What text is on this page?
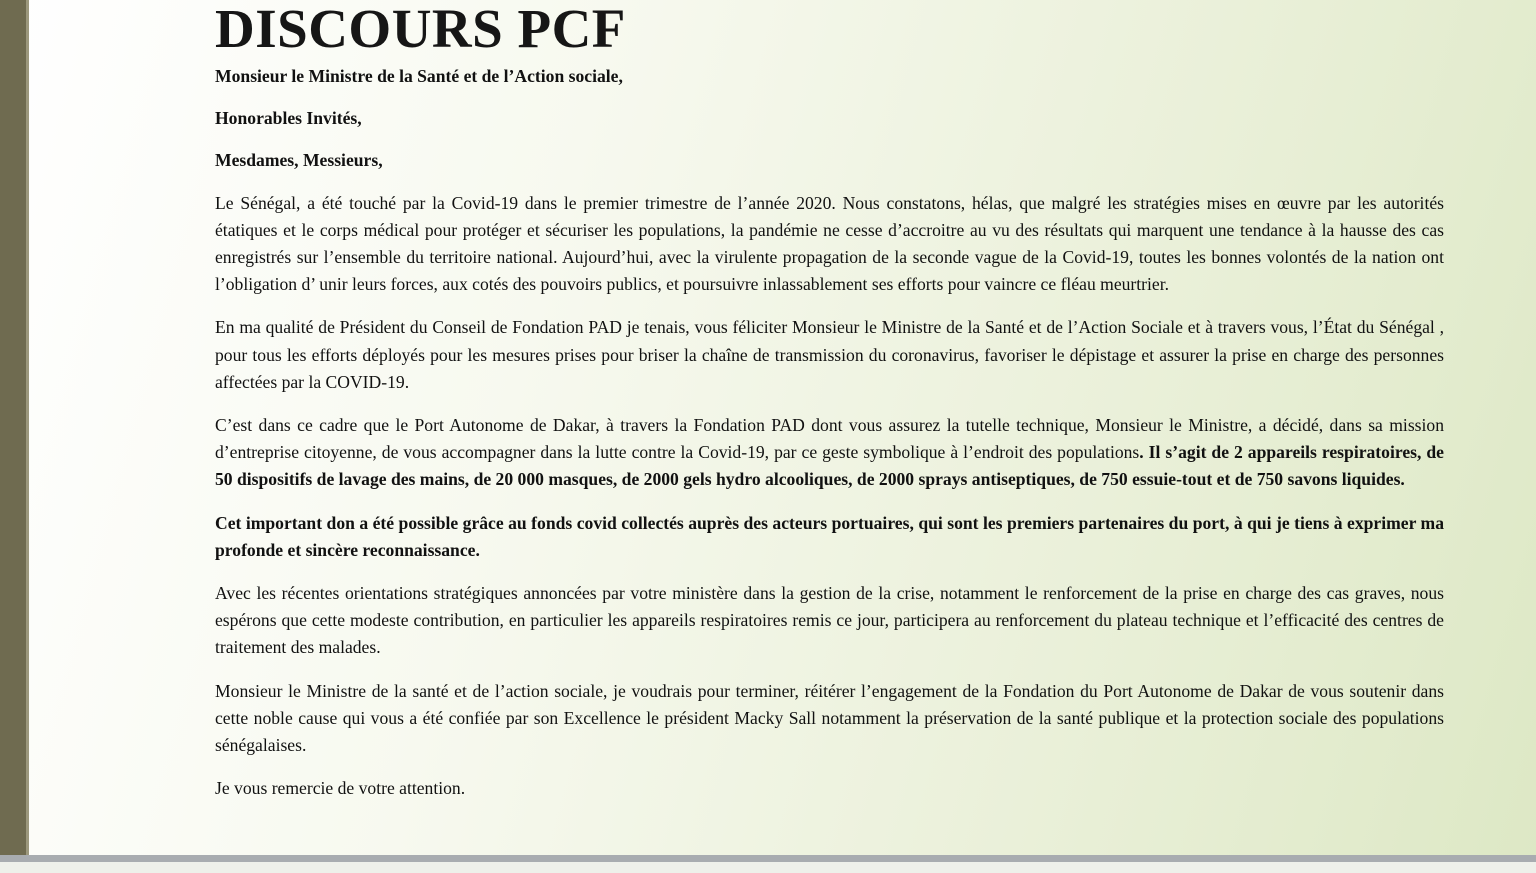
DISCOURS PCF

Monsieur le Ministre de la Santé et de l’Action sociale,

Honorables Invités,

Mesdames, Messieurs,

Le Sénégal, a été touché par la Covid-19 dans le premier trimestre de l’année 2020. Nous constatons, hélas, que malgré les stratégies mises en œuvre par les autorités étatiques et le corps médical pour protéger et sécuriser les populations, la pandémie ne cesse d’accroitre au vu des résultats qui marquent une tendance à la hausse des cas enregistrés sur l’ensemble du territoire national. Aujourd’hui, avec la virulente propagation de la seconde vague de la Covid-19, toutes les bonnes volontés de la nation ont l’obligation d’ unir leurs forces, aux cotés des pouvoirs publics, et poursuivre inlassablement ses efforts pour vaincre ce fléau meurtrier.

En ma qualité de Président du Conseil de Fondation PAD je tenais, vous féliciter Monsieur le Ministre de la Santé et de l’Action Sociale et à travers vous, l’État du Sénégal , pour tous les efforts déployés pour les mesures prises pour briser la chaîne de transmission du coronavirus, favoriser le dépistage et assurer la prise en charge des personnes affectées par la COVID-19.

C’est dans ce cadre que le Port Autonome de Dakar, à travers la Fondation PAD dont vous assurez la tutelle technique, Monsieur le Ministre, a décidé, dans sa mission d’entreprise citoyenne, de vous accompagner dans la lutte contre la Covid-19, par ce geste symbolique à l’endroit des populations. Il s’agit de 2 appareils respiratoires, de 50 dispositifs de lavage des mains, de 20 000 masques, de 2000 gels hydro alcooliques, de 2000 sprays antiseptiques, de 750 essuie-tout et de 750 savons liquides.

Cet important don a été possible grâce au fonds covid collectés auprès des acteurs portuaires, qui sont les premiers partenaires du port, à qui je tiens à exprimer ma profonde et sincère reconnaissance.

Avec les récentes orientations stratégiques annoncées par votre ministère dans la gestion de la crise, notamment le renforcement de la prise en charge des cas graves, nous espérons que cette modeste contribution, en particulier les appareils respiratoires remis ce jour, participera au renforcement du plateau technique et l’efficacité des centres de traitement des malades.

Monsieur le Ministre de la santé et de l’action sociale, je voudrais pour terminer, réitérer l’engagement de la Fondation du Port Autonome de Dakar de vous soutenir dans cette noble cause qui vous a été confiée par son Excellence le président Macky Sall notamment la préservation de la santé publique et la protection sociale des populations sénégalaises.

Je vous remercie de votre attention.
